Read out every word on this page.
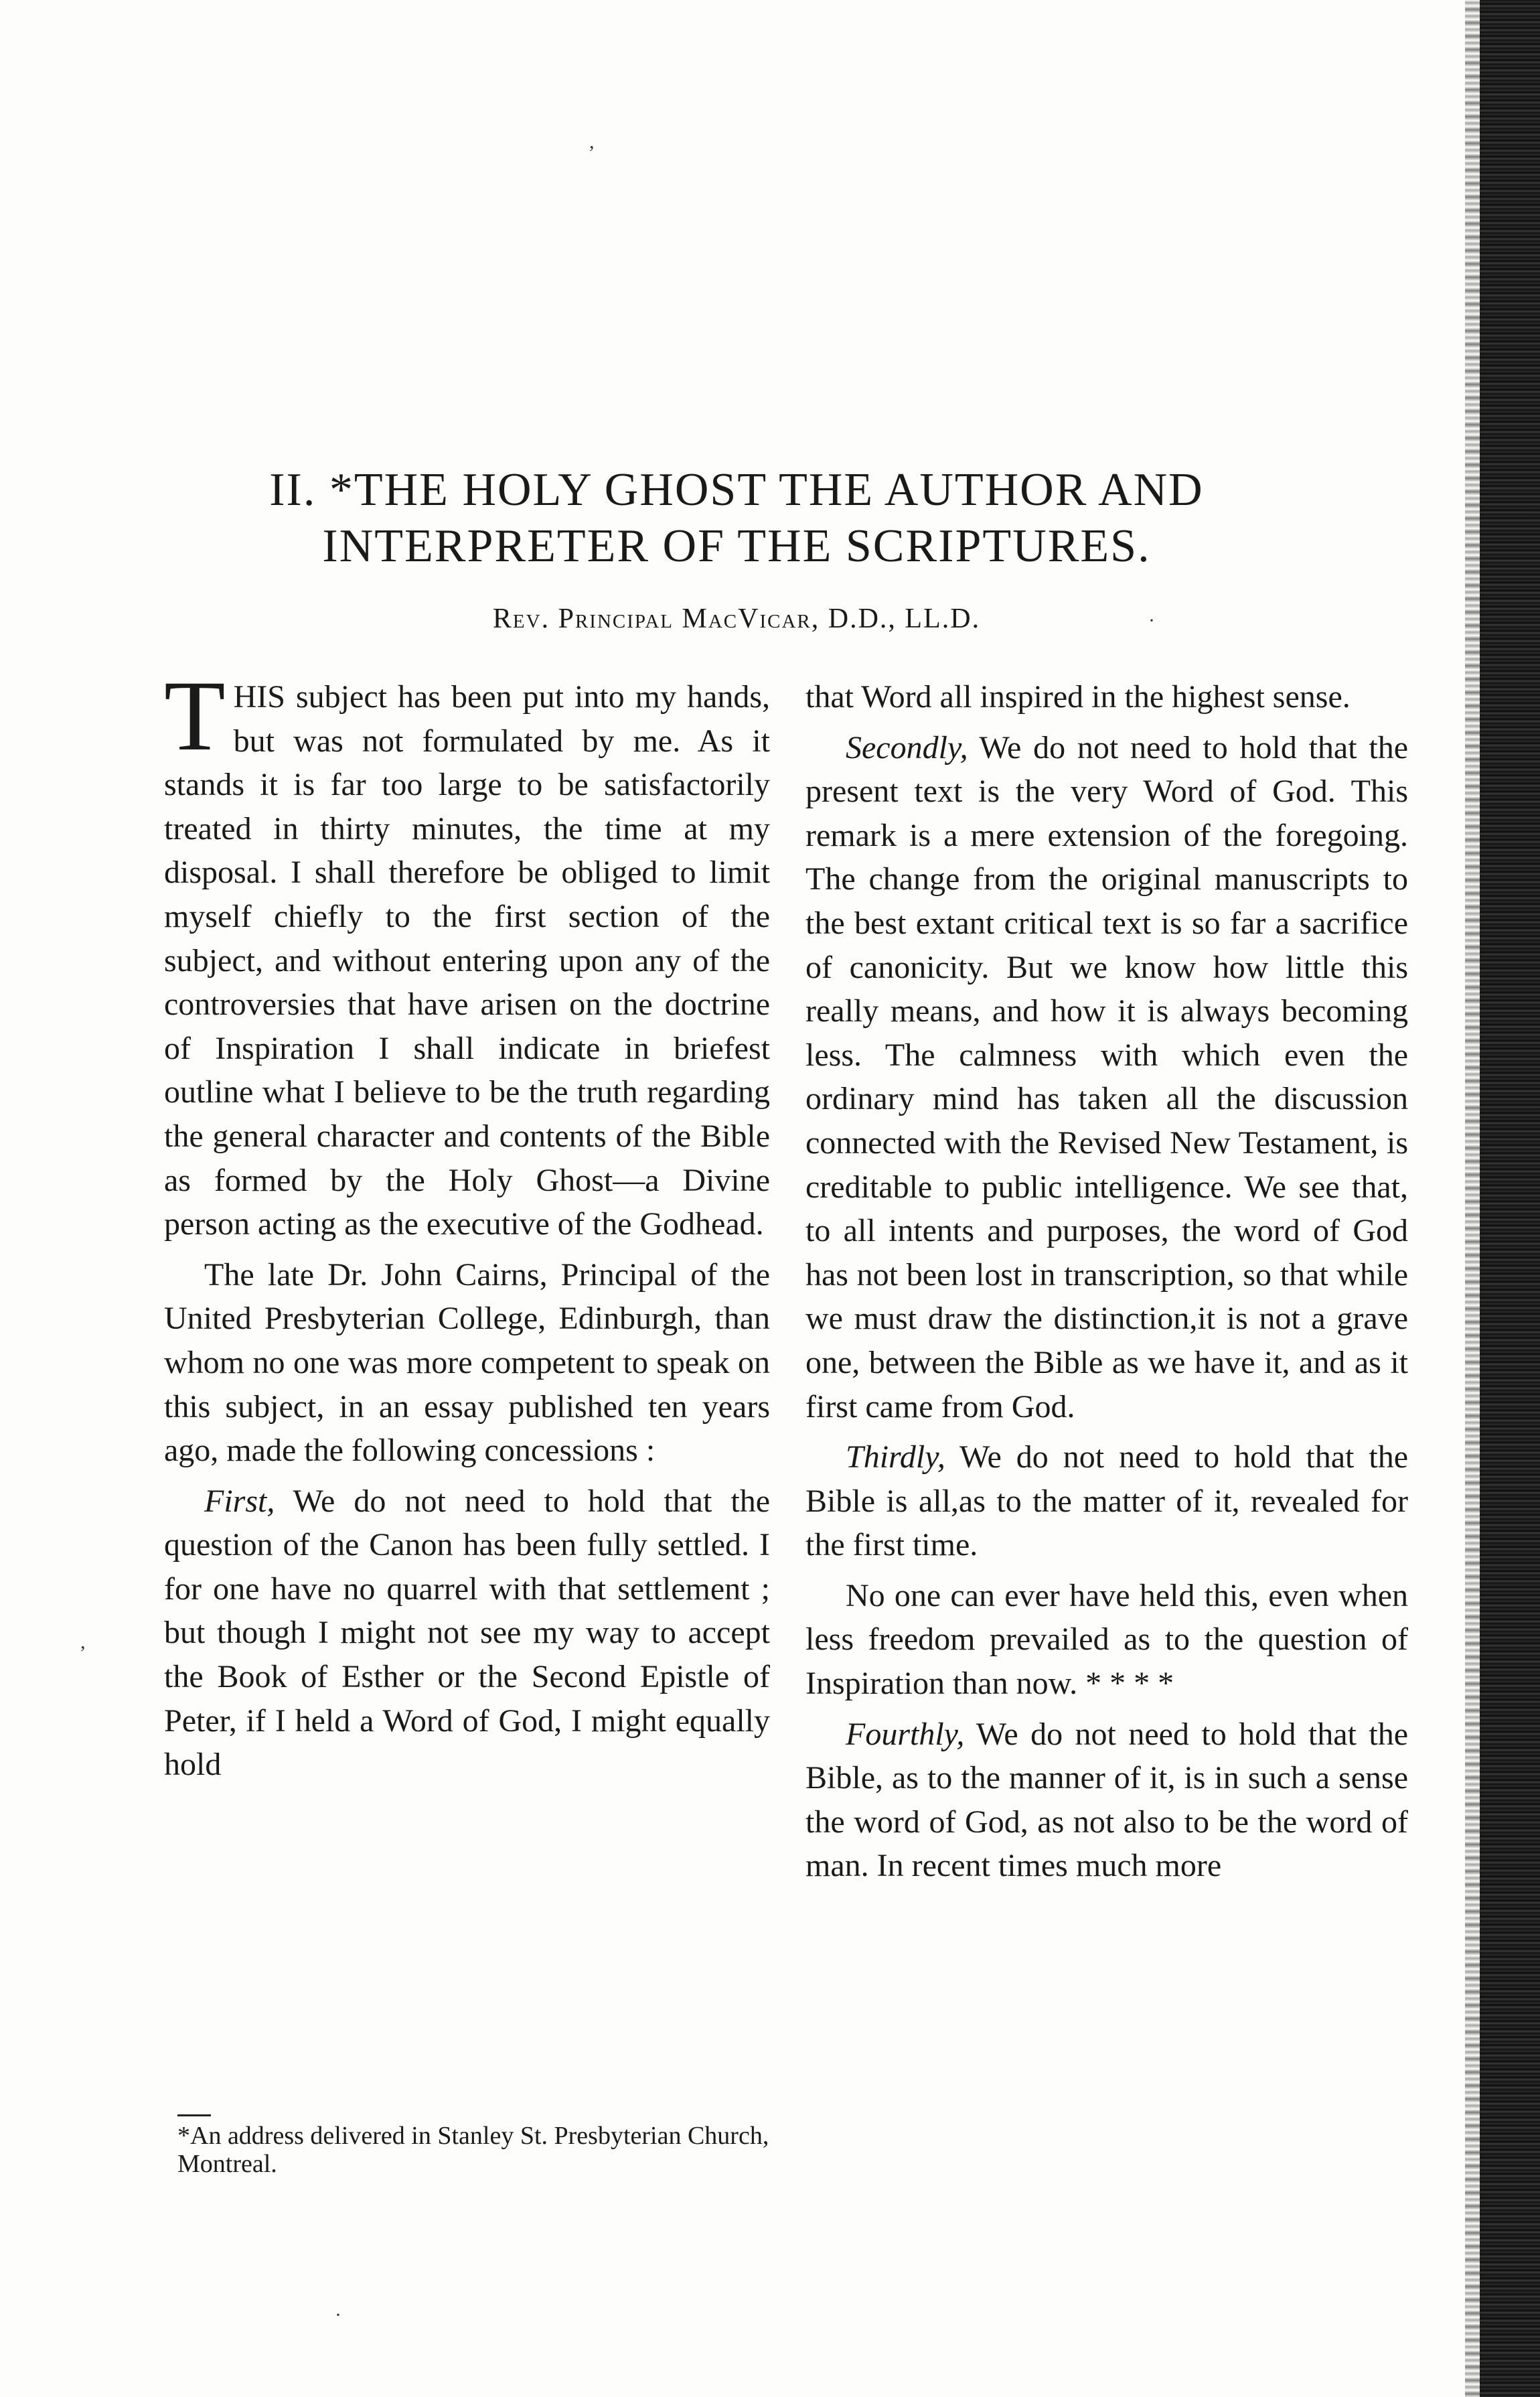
,
,
·
·
II. *THE HOLY GHOST THE AUTHOR AND
INTERPRETER OF THE SCRIPTURES.
Rev. Principal MacVicar, D.D., LL.D.

THIS subject has been put into my hands, but was not formulated by me. As it stands it is far too large to be satisfactorily treated in thirty minutes, the time at my disposal. I shall therefore be obliged to limit myself chiefly to the first section of the subject, and without entering upon any of the controversies that have arisen on the doctrine of Inspiration I shall indicate in briefest outline what I believe to be the truth regarding the general character and contents of the Bible as formed by the Holy Ghost—a Divine person acting as the executive of the Godhead.

The late Dr. John Cairns, Principal of the United Presbyterian College, Edinburgh, than whom no one was more competent to speak on this subject, in an essay published ten years ago, made the following concessions :

First, We do not need to hold that the question of the Canon has been fully settled. I for one have no quarrel with that settlement ; but though I might not see my way to accept the Book of Esther or the Second Epistle of Peter, if I held a Word of God, I might equally hold

*An address delivered in Stanley St. Presbyterian Church, Montreal.

that Word all inspired in the highest sense.

Secondly, We do not need to hold that the present text is the very Word of God. This remark is a mere extension of the foregoing. The change from the original manuscripts to the best extant critical text is so far a sacrifice of canonicity. But we know how little this really means, and how it is always becoming less. The calmness with which even the ordinary mind has taken all the discussion connected with the Revised New Testament, is creditable to public intelligence. We see that, to all intents and purposes, the word of God has not been lost in transcription, so that while we must draw the distinction,it is not a grave one, between the Bible as we have it, and as it first came from God.

Thirdly, We do not need to hold that the Bible is all,as to the matter of it, revealed for the first time.

No one can ever have held this, even when less freedom prevailed as to the question of Inspiration than now. * * * *

Fourthly, We do not need to hold that the Bible, as to the manner of it, is in such a sense the word of God, as not also to be the word of man. In recent times much more
